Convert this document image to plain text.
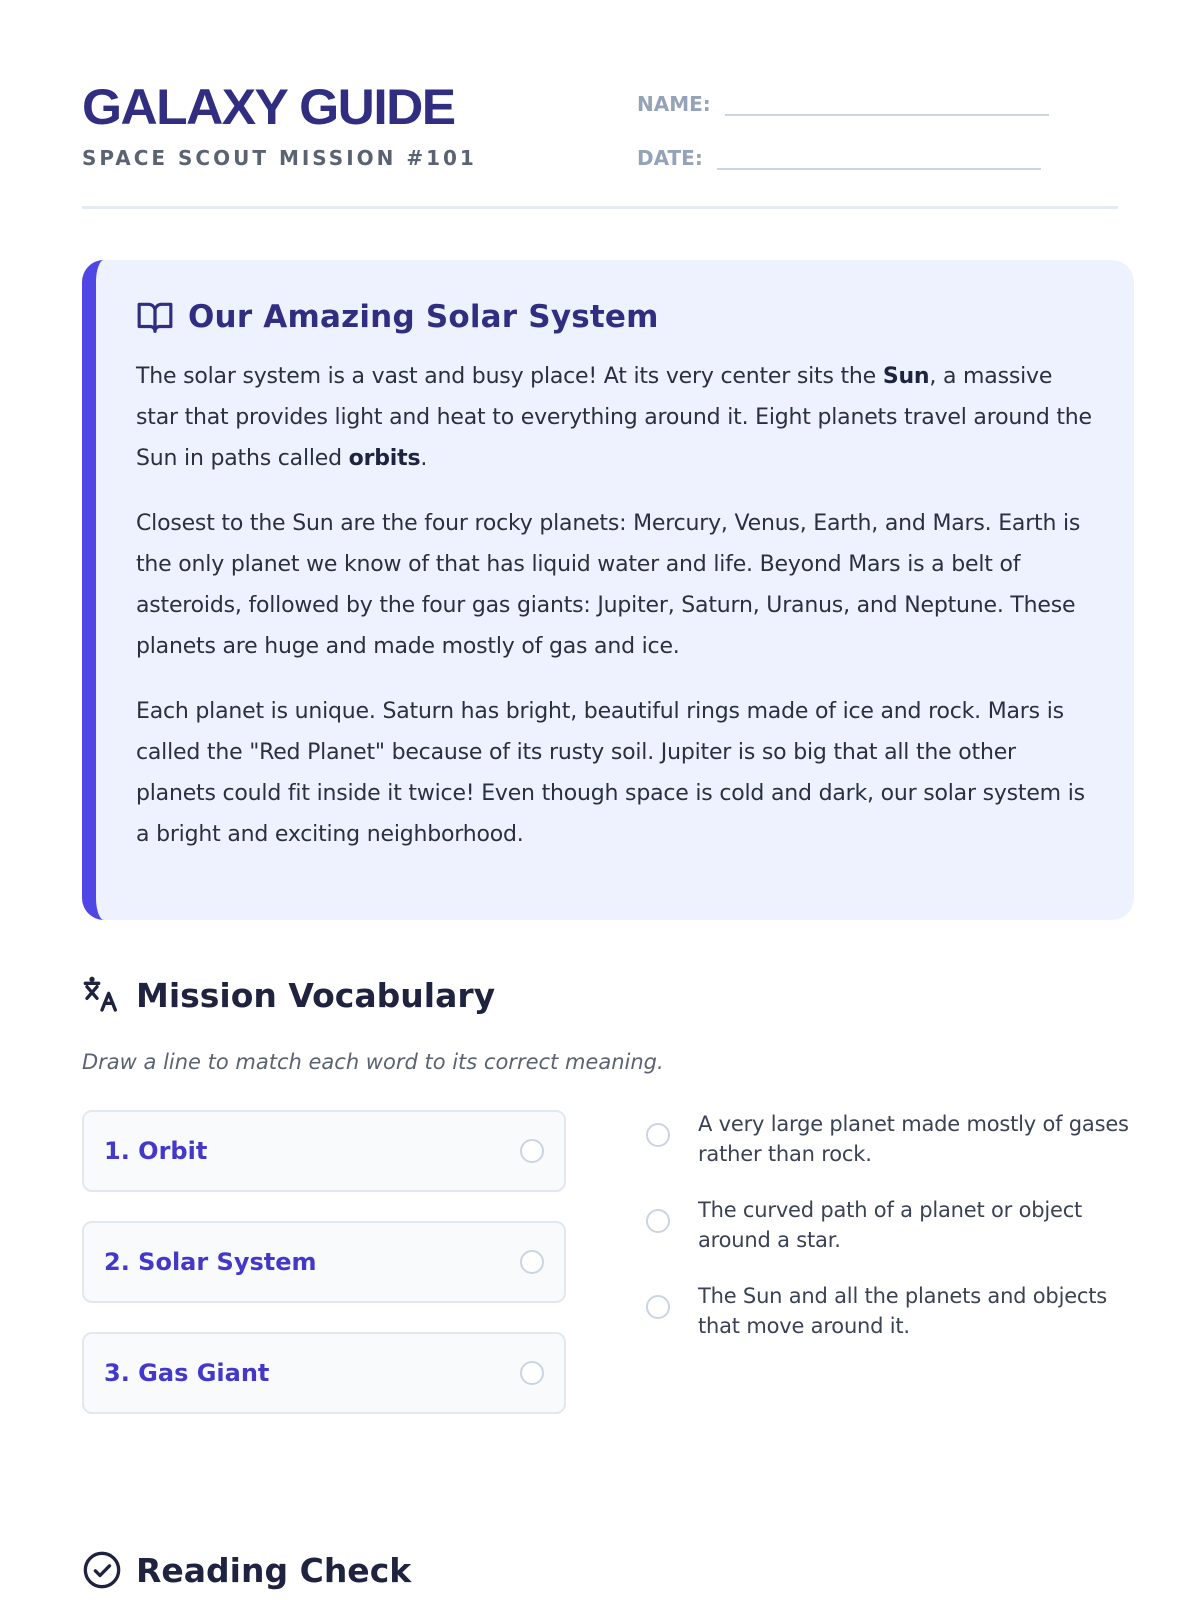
GALAXY GUIDE
SPACE SCOUT MISSION #101
NAME:
DATE:
Our Amazing Solar System

The solar system is a vast and busy place! At its very center sits the Sun, a massive star that provides light and heat to everything around it. Eight planets travel around the Sun in paths called orbits.

Closest to the Sun are the four rocky planets: Mercury, Venus, Earth, and Mars. Earth is the only planet we know of that has liquid water and life. Beyond Mars is a belt of asteroids, followed by the four gas giants: Jupiter, Saturn, Uranus, and Neptune. These planets are huge and made mostly of gas and ice.

Each planet is unique. Saturn has bright, beautiful rings made of ice and rock. Mars is called the "Red Planet" because of its rusty soil. Jupiter is so big that all the other planets could fit inside it twice! Even though space is cold and dark, our solar system is a bright and exciting neighborhood.

Mission Vocabulary
Draw a line to match each word to its correct meaning.
1. Orbit
2. Solar System
3. Gas Giant
A very large planet made mostly of gases rather than rock.
The curved path of a planet or object around a star.
The Sun and all the planets and objects that move around it.
Reading Check
